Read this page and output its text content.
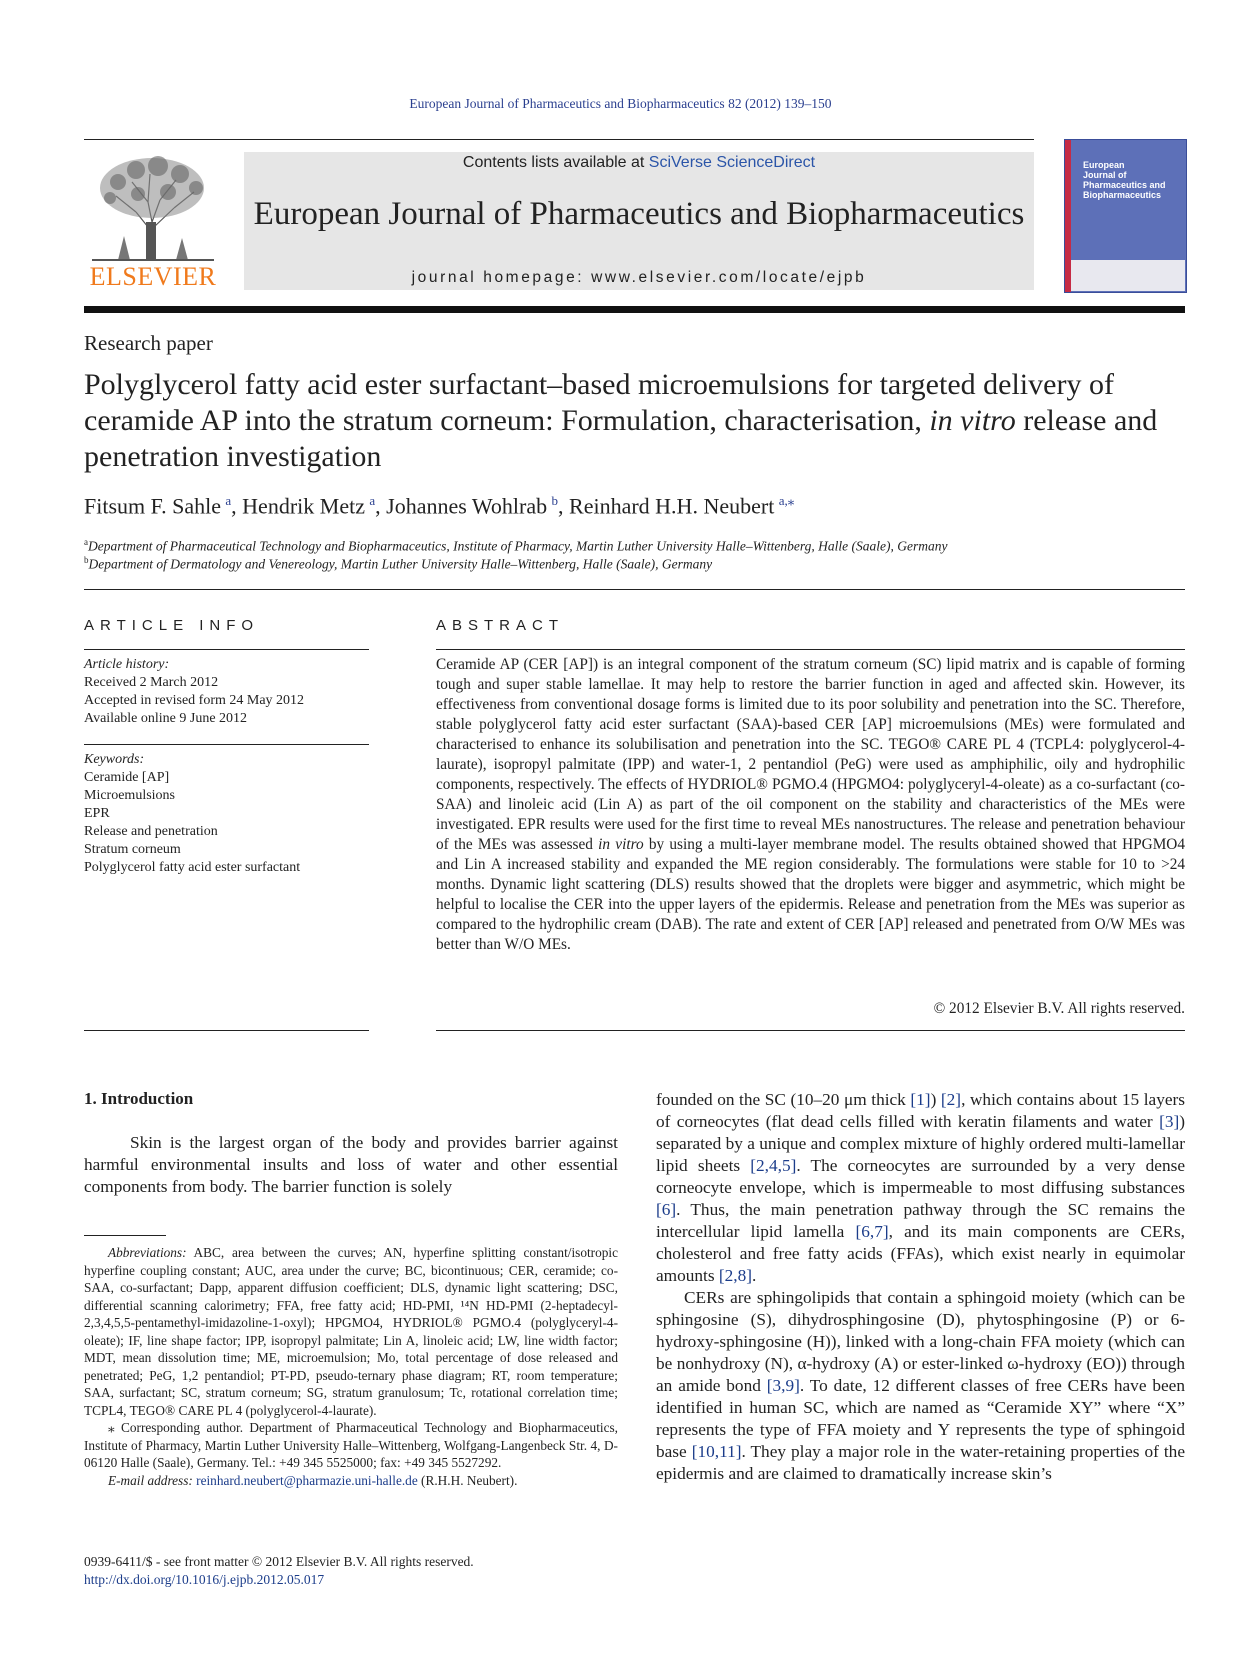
European Journal of Pharmaceutics and Biopharmaceutics 82 (2012) 139–150
ELSEVIER
Contents lists available at SciVerse ScienceDirect
European Journal of Pharmaceutics and Biopharmaceutics
journal homepage: www.elsevier.com/locate/ejpb
European
Journal of
Pharmaceutics and
Biopharmaceutics
Research paper
Polyglycerol fatty acid ester surfactant–based microemulsions for targeted delivery of ceramide AP into the stratum corneum: Formulation, characterisation, in vitro release and penetration investigation
Fitsum F. Sahle  $^a$, Hendrik Metz  $^a$, Johannes Wohlrab  $^b$, Reinhard H.H. Neubert  $^{a,⁎}$
$^a$Department of Pharmaceutical Technology and Biopharmaceutics, Institute of Pharmacy, Martin Luther University Halle–Wittenberg, Halle (Saale), Germany
$^b$Department of Dermatology and Venereology, Martin Luther University Halle–Wittenberg, Halle (Saale), Germany
ARTICLE INFO
Article history:
Received 2 March 2012
Accepted in revised form 24 May 2012
Available online 9 June 2012
Keywords:
Ceramide [AP]
Microemulsions
EPR
Release and penetration
Stratum corneum
Polyglycerol fatty acid ester surfactant
ABSTRACT
Ceramide AP (CER [AP]) is an integral component of the stratum corneum (SC) lipid matrix and is capable of forming tough and super stable lamellae. It may help to restore the barrier function in aged and affected skin. However, its effectiveness from conventional dosage forms is limited due to its poor solubility and penetration into the SC. Therefore, stable polyglycerol fatty acid ester surfactant (SAA)-based CER [AP] microemulsions (MEs) were formulated and characterised to enhance its solubilisation and penetration into the SC. TEGO® CARE PL 4 (TCPL4: polyglycerol-4-laurate), isopropyl palmitate (IPP) and water-1, 2 pentandiol (PeG) were used as amphiphilic, oily and hydrophilic components, respectively. The effects of HYDRIOL® PGMO.4 (HPGMO4: polyglyceryl-4-oleate) as a co-surfactant (co-SAA) and linoleic acid (Lin A) as part of the oil component on the stability and characteristics of the MEs were investigated. EPR results were used for the first time to reveal MEs nanostructures. The release and penetration behaviour of the MEs was assessed in vitro by using a multi-layer membrane model. The results obtained showed that HPGMO4 and Lin A increased stability and expanded the ME region considerably. The formulations were stable for 10 to >24 months. Dynamic light scattering (DLS) results showed that the droplets were bigger and asymmetric, which might be helpful to localise the CER into the upper layers of the epidermis. Release and penetration from the MEs was superior as compared to the hydrophilic cream (DAB). The rate and extent of CER [AP] released and penetrated from O/W MEs was better than W/O MEs.
© 2012 Elsevier B.V. All rights reserved.
1. Introduction
Skin is the largest organ of the body and provides barrier against harmful environmental insults and loss of water and other essential components from body. The barrier function is solely

founded on the SC (10–20 μm thick [1]) [2], which contains about 15 layers of corneocytes (flat dead cells filled with keratin filaments and water [3]) separated by a unique and complex mixture of highly ordered multi-lamellar lipid sheets [2,4,5]. The corneocytes are surrounded by a very dense corneocyte envelope, which is impermeable to most diffusing substances [6]. Thus, the main penetration pathway through the SC remains the intercellular lipid lamella [6,7], and its main components are CERs, cholesterol and free fatty acids (FFAs), which exist nearly in equimolar amounts [2,8].

CERs are sphingolipids that contain a sphingoid moiety (which can be sphingosine (S), dihydrosphingosine (D), phytosphingosine (P) or 6-hydroxy-sphingosine (H)), linked with a long-chain FFA moiety (which can be nonhydroxy (N), α-hydroxy (A) or ester-linked ω-hydroxy (EO)) through an amide bond [3,9]. To date, 12 different classes of free CERs have been identified in human SC, which are named as “Ceramide XY” where “X” represents the type of FFA moiety and Y represents the type of sphingoid base [10,11]. They play a major role in the water-retaining properties of the epidermis and are claimed to dramatically increase skin’s

Abbreviations: ABC, area between the curves; AN, hyperfine splitting constant/isotropic hyperfine coupling constant; AUC, area under the curve; BC, bicontinuous; CER, ceramide; co-SAA, co-surfactant; Dapp, apparent diffusion coefficient; DLS, dynamic light scattering; DSC, differential scanning calorimetry; FFA, free fatty acid; HD-PMI, ¹⁴N HD-PMI (2-heptadecyl-2,3,4,5,5-pentamethyl-imidazoline-1-oxyl); HPGMO4, HYDRIOL® PGMO.4 (polyglyceryl-4-oleate); IF, line shape factor; IPP, isopropyl palmitate; Lin A, linoleic acid; LW, line width factor; MDT, mean dissolution time; ME, microemulsion; Mo, total percentage of dose released and penetrated; PeG, 1,2 pentandiol; PT-PD, pseudo-ternary phase diagram; RT, room temperature; SAA, surfactant; SC, stratum corneum; SG, stratum granulosum; Tc, rotational correlation time; TCPL4, TEGO® CARE PL 4 (polyglycerol-4-laurate).

⁎ Corresponding author. Department of Pharmaceutical Technology and Biopharmaceutics, Institute of Pharmacy, Martin Luther University Halle–Wittenberg, Wolfgang-Langenbeck Str. 4, D-06120 Halle (Saale), Germany. Tel.: +49 345 5525000; fax: +49 345 5527292.

E-mail address: reinhard.neubert@pharmazie.uni-halle.de (R.H.H. Neubert).

0939-6411/$ - see front matter © 2012 Elsevier B.V. All rights reserved.
http://dx.doi.org/10.1016/j.ejpb.2012.05.017
